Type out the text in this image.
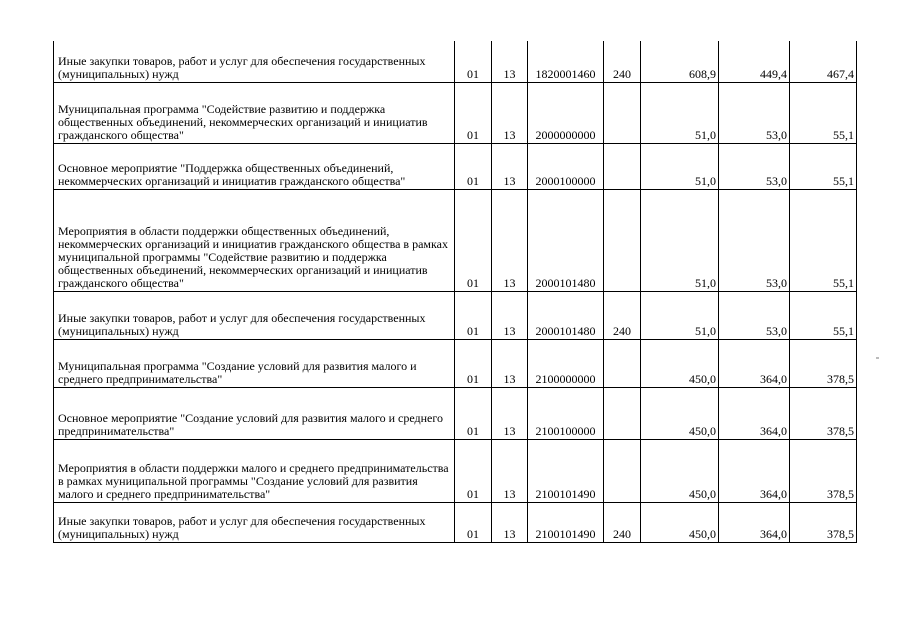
Иные закупки товаров, работ и услуг для обеспечения государственных (муниципальных) нужд	01	13	1820001460	240	608,9	449,4	467,4
Муниципальная программа "Содействие развитию и поддержка общественных объединений, некоммерческих организаций и инициатив гражданского общества"	01	13	2000000000		51,0	53,0	55,1
Основное мероприятие "Поддержка общественных объединений, некоммерческих организаций и инициатив гражданского общества"	01	13	2000100000		51,0	53,0	55,1
Мероприятия в области поддержки общественных объединений, некоммерческих организаций и инициатив гражданского общества в рамках муниципальной программы "Содействие развитию и поддержка общественных объединений, некоммерческих организаций и инициатив гражданского общества"	01	13	2000101480		51,0	53,0	55,1
Иные закупки товаров, работ и услуг для обеспечения государственных (муниципальных) нужд	01	13	2000101480	240	51,0	53,0	55,1
Муниципальная программа "Создание условий для развития малого и среднего предпринимательства"	01	13	2100000000		450,0	364,0	378,5
Основное мероприятие "Создание условий для развития малого и среднего предпринимательства"	01	13	2100100000		450,0	364,0	378,5
Мероприятия в области поддержки малого и среднего предпринимательства в рамках муниципальной программы "Создание условий для развития малого и среднего предпринимательства"	01	13	2100101490		450,0	364,0	378,5
Иные закупки товаров, работ и услуг для обеспечения государственных (муниципальных) нужд	01	13	2100101490	240	450,0	364,0	378,5
